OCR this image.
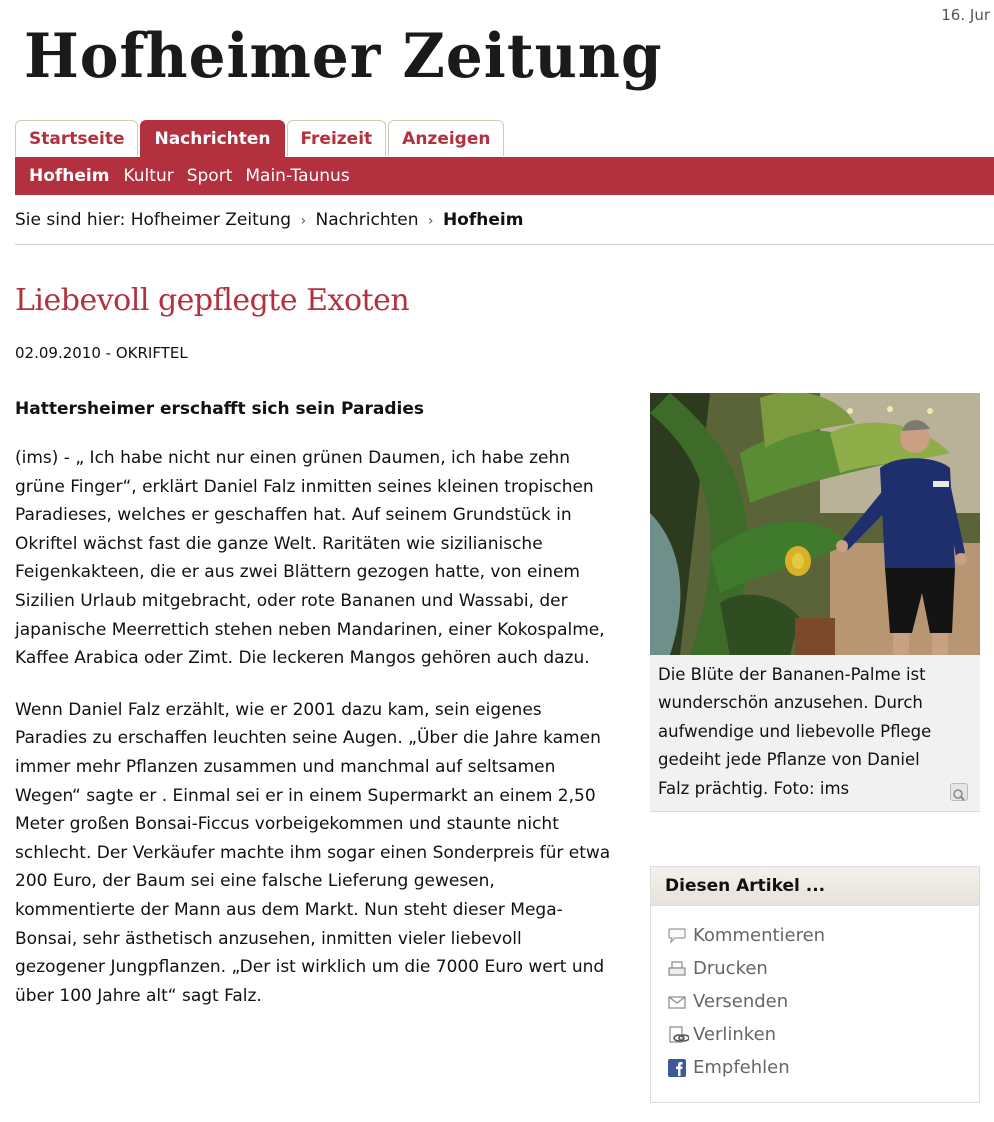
16. Jur
Hofheimer Zeitung
Startseite	Nachrichten	Freizeit	Anzeigen
Hofheim Kultur Sport Main-Taunus
Sie sind hier: Hofheimer Zeitung › Nachrichten › Hofheim
Liebevoll gepflegte Exoten
02.09.2010 - OKRIFTEL
Hattersheimer erschafft sich sein Paradies

(ims) - „ Ich habe nicht nur einen grünen Daumen, ich habe zehn grüne Finger“, erklärt Daniel Falz inmitten seines kleinen tropischen Paradieses, welches er geschaffen hat. Auf seinem Grundstück in Okriftel wächst fast die ganze Welt. Raritäten wie sizilianische Feigenkakteen, die er aus zwei Blättern gezogen hatte, von einem Sizilien Urlaub mitgebracht, oder rote Bananen und Wassabi, der japanische Meerrettich stehen neben Mandarinen, einer Kokospalme, Kaffee Arabica oder Zimt. Die leckeren Mangos gehören auch dazu.

Wenn Daniel Falz erzählt, wie er 2001 dazu kam, sein eigenes Paradies zu erschaffen leuchten seine Augen. „Über die Jahre kamen immer mehr Pflanzen zusammen und manchmal auf seltsamen Wegen“ sagte er . Einmal sei er in einem Supermarkt an einem 2,50 Meter großen Bonsai-Ficcus vorbeigekommen und staunte nicht schlecht. Der Verkäufer machte ihm sogar einen Sonderpreis für etwa 200 Euro, der Baum sei eine falsche Lieferung gewesen, kommentierte der Mann aus dem Markt. Nun steht dieser Mega-Bonsai, sehr ästhetisch anzusehen, inmitten vieler liebevoll gezogener Jungpflanzen. „Der ist wirklich um die 7000 Euro wert und über 100 Jahre alt“ sagt Falz.

Die Blüte der Bananen-Palme ist wunderschön anzusehen. Durch aufwendige und liebevolle Pflege gedeiht jede Pflanze von Daniel Falz prächtig. Foto: ims
Diesen Artikel ...
Kommentieren
Drucken
Versenden
Verlinken
Empfehlen
